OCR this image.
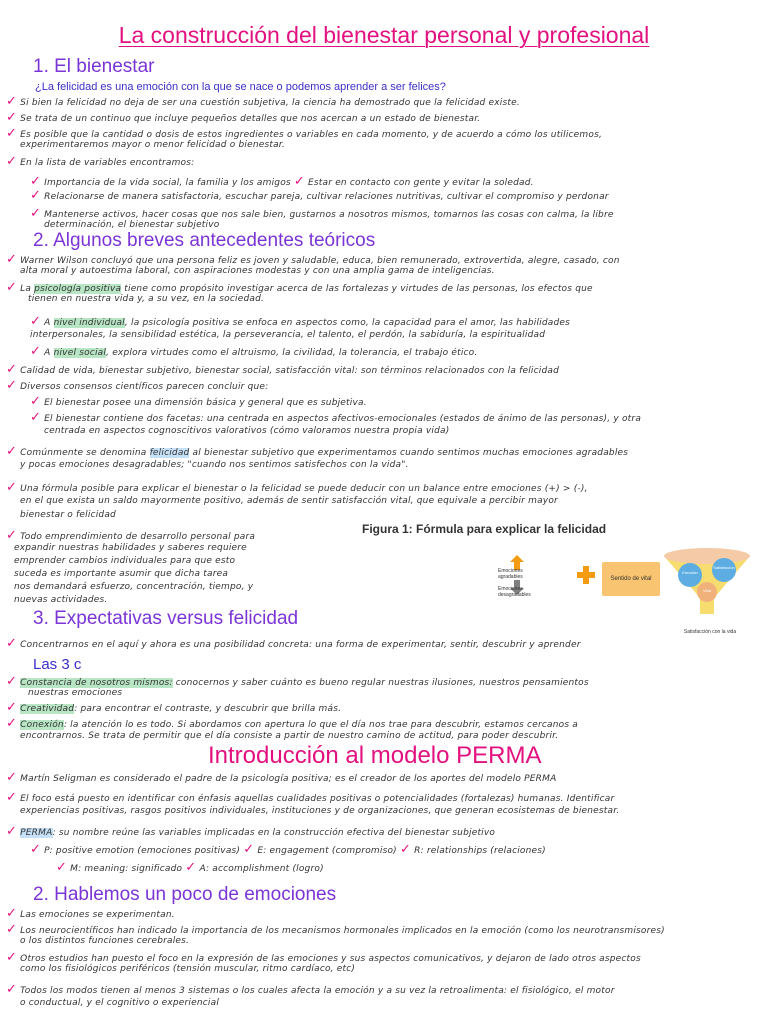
La construcción del bienestar personal y profesional
1. El bienestar
¿La felicidad es una emoción con la que se nace o podemos aprender a ser felices?
✓ Si bien la felicidad no deja de ser una cuestión subjetiva, la ciencia ha demostrado que la felicidad existe.
✓ Se trata de un continuo que incluye pequeños detalles que nos acercan a un estado de bienestar.
✓ Es posible que la cantidad o dosis de estos ingredientes o variables en cada momento, y de acuerdo a cómo los utilicemos,
experimentaremos mayor o menor felicidad o bienestar.
✓ En la lista de variables encontramos:
✓ Importancia de la vida social, la familia y los amigos ✓ Estar en contacto con gente y evitar la soledad.
✓ Relacionarse de manera satisfactoria, escuchar pareja, cultivar relaciones nutritivas, cultivar el compromiso y perdonar
✓ Mantenerse activos, hacer cosas que nos sale bien, gustarnos a nosotros mismos, tomarnos las cosas con calma, la libre
determinación, el bienestar subjetivo
2. Algunos breves antecedentes teóricos
✓ Warner Wilson concluyó que una persona feliz es joven y saludable, educa, bien remunerado, extrovertida, alegre, casado, con
alta moral y autoestima laboral, con aspiraciones modestas y con una amplia gama de inteligencias.
✓ La psicología positiva tiene como propósito investigar acerca de las fortalezas y virtudes de las personas, los efectos que
tienen en nuestra vida y, a su vez, en la sociedad.
✓ A nivel individual, la psicología positiva se enfoca en aspectos como, la capacidad para el amor, las habilidades
interpersonales, la sensibilidad estética, la perseverancia, el talento, el perdón, la sabiduría, la espiritualidad
✓ A nivel social, explora virtudes como el altruismo, la civilidad, la tolerancia, el trabajo ético.
✓ Calidad de vida, bienestar subjetivo, bienestar social, satisfacción vital: son términos relacionados con la felicidad
✓ Diversos consensos científicos parecen concluir que:
✓ El bienestar posee una dimensión básica y general que es subjetiva.
✓ El bienestar contiene dos facetas: una centrada en aspectos afectivos-emocionales (estados de ánimo de las personas), y otra
centrada en aspectos cognoscitivos valorativos (cómo valoramos nuestra propia vida)
✓ Comúnmente se denomina felicidad al bienestar subjetivo que experimentamos cuando sentimos muchas emociones agradables
y pocas emociones desagradables; "cuando nos sentimos satisfechos con la vida".
✓ Una fórmula posible para explicar el bienestar o la felicidad se puede deducir con un balance entre emociones (+) > (-),
en el que exista un saldo mayormente positivo, además de sentir satisfacción vital, que equivale a percibir mayor
bienestar o felicidad
✓ Todo emprendimiento de desarrollo personal para
expandir nuestras habilidades y saberes requiere
emprender cambios individuales para que esto
suceda es importante asumir que dicha tarea
nos demandará esfuerzo, concentración, tiempo, y
nuevas actividades.
Figura 1: Fórmula para explicar la felicidad
Emociones agradables
Emociones desagradables
Sentido de vital
Emoción
Satisfacción
Vida
Satisfacción con la vida
3. Expectativas versus felicidad
✓ Concentrarnos en el aquí y ahora es una posibilidad concreta: una forma de experimentar, sentir, descubrir y aprender
Las 3 c
✓ Constancia de nosotros mismos: conocernos y saber cuánto es bueno regular nuestras ilusiones, nuestros pensamientos
nuestras emociones
✓ Creatividad: para encontrar el contraste, y descubrir que brilla más.
✓ Conexión: la atención lo es todo. Si abordamos con apertura lo que el día nos trae para descubrir, estamos cercanos a
encontrarnos. Se trata de permitir que el día consiste a partir de nuestro camino de actitud, para poder descubrir.
Introducción al modelo PERMA
✓ Martín Seligman es considerado el padre de la psicología positiva; es el creador de los aportes del modelo PERMA
✓ El foco está puesto en identificar con énfasis aquellas cualidades positivas o potencialidades (fortalezas) humanas. Identificar
experiencias positivas, rasgos positivos individuales, instituciones y de organizaciones, que generan ecosistemas de bienestar.
✓ PERMA: su nombre reúne las variables implicadas en la construcción efectiva del bienestar subjetivo
✓ P: positive emotion (emociones positivas) ✓ E: engagement (compromiso) ✓ R: relationships (relaciones)
✓ M: meaning: significado ✓ A: accomplishment (logro)
2. Hablemos un poco de emociones
✓ Las emociones se experimentan.
✓ Los neurocientíficos han indicado la importancia de los mecanismos hormonales implicados en la emoción (como los neurotransmisores)
o los distintos funciones cerebrales.
✓ Otros estudios han puesto el foco en la expresión de las emociones y sus aspectos comunicativos, y dejaron de lado otros aspectos
como los fisiológicos periféricos (tensión muscular, ritmo cardíaco, etc)
✓ Todos los modos tienen al menos 3 sistemas o los cuales afecta la emoción y a su vez la retroalimenta: el fisiológico, el motor
o conductual, y el cognitivo o experiencial
